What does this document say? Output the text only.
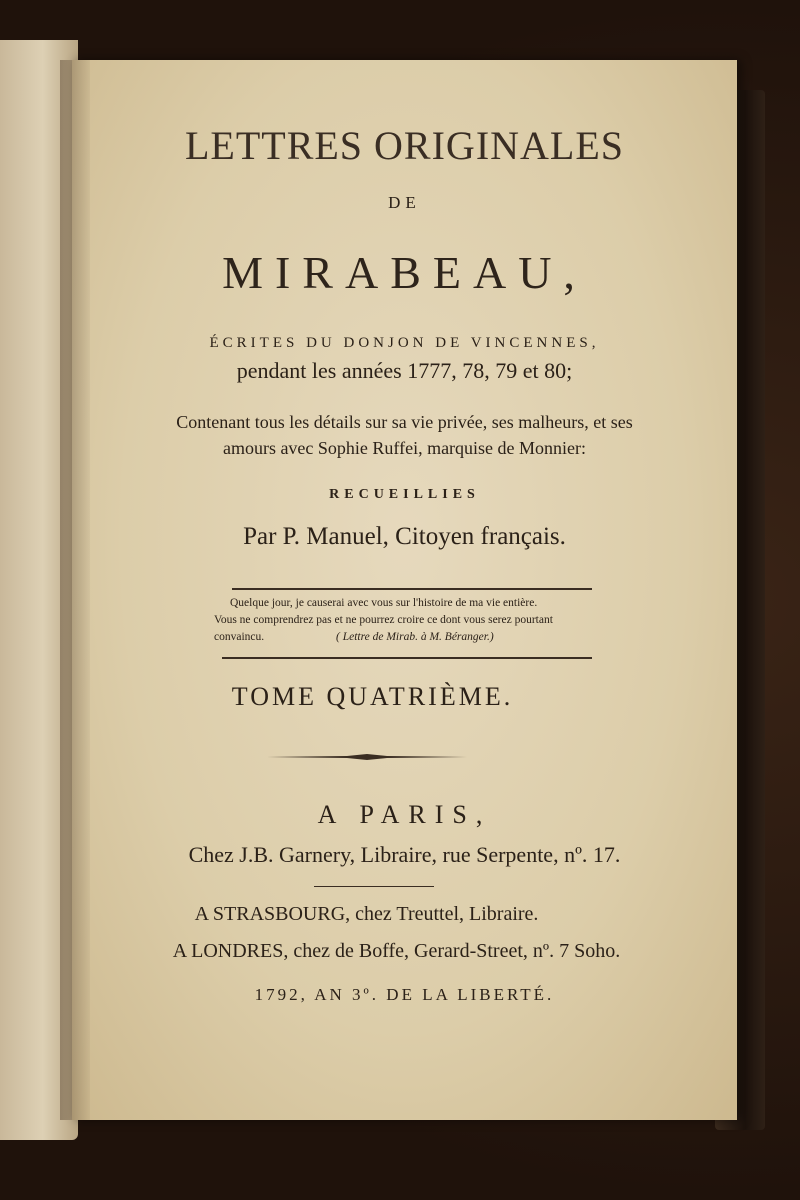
LETTRES ORIGINALES
DE
MIRABEAU,
ÉCRITES DU DONJON DE VINCENNES,
pendant les années 1777, 78, 79 et 80;
Contenant tous les détails sur sa vie privée, ses malheurs, et ses
amours avec Sophie Ruffei, marquise de Monnier:
RECUEILLIES
Par P. Manuel, Citoyen français.
Quelque jour, je causerai avec vous sur l'histoire de ma vie entière.
Vous ne comprendrez pas et ne pourrez croire ce dont vous serez pourtant
convaincu.	( Lettre de Mirab. à M. Béranger.)
TOME QUATRIÈME.
A PARIS,
Chez J.B. Garnery, Libraire, rue Serpente, nº. 17.
A STRASBOURG, chez Treuttel, Libraire.
A LONDRES, chez de Boffe, Gerard-Street, nº. 7 Soho.
1792, AN 3º. DE LA LIBERTÉ.
